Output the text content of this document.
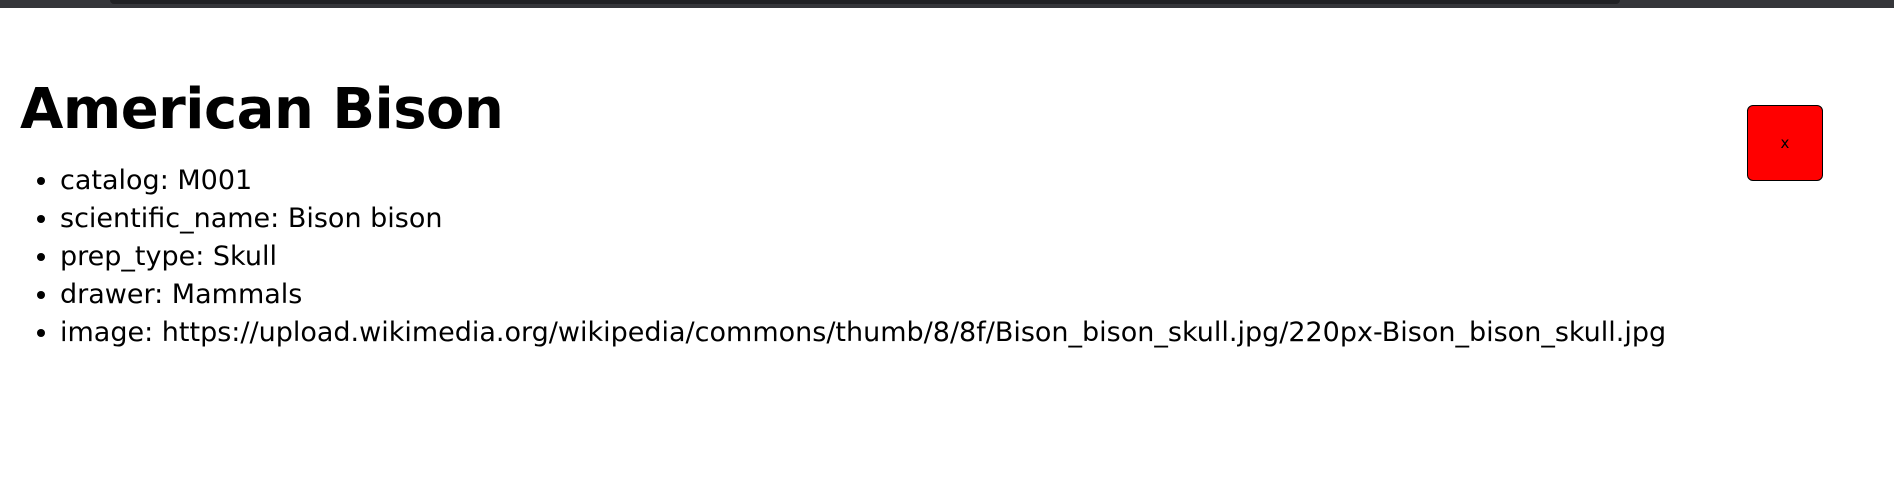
American Bison
• catalog: M001
• scientific_name: Bison bison
• prep_type: Skull
• drawer: Mammals
• image: https://upload.wikimedia.org/wikipedia/commons/thumb/8/8f/Bison_bison_skull.jpg/220px-Bison_bison_skull.jpg
x
